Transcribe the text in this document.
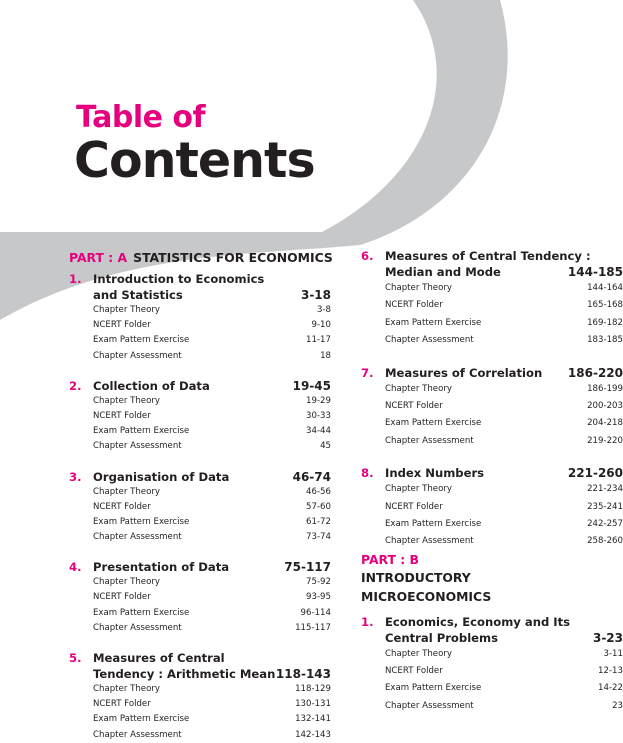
Table of
Contents
PART : A STATISTICS FOR ECONOMICS
1. Introduction to Economics
and Statistics	3-18
Chapter Theory	3-8
NCERT Folder	9-10
Exam Pattern Exercise	11-17
Chapter Assessment	18
2. Collection of Data	19-45
Chapter Theory	19-29
NCERT Folder	30-33
Exam Pattern Exercise	34-44
Chapter Assessment	45
3. Organisation of Data	46-74
Chapter Theory	46-56
NCERT Folder	57-60
Exam Pattern Exercise	61-72
Chapter Assessment	73-74
4. Presentation of Data	75-117
Chapter Theory	75-92
NCERT Folder	93-95
Exam Pattern Exercise	96-114
Chapter Assessment	115-117
5. Measures of Central
Tendency : Arithmetic Mean 118-143
Chapter Theory	118-129
NCERT Folder	130-131
Exam Pattern Exercise	132-141
Chapter Assessment	142-143
6. Measures of Central Tendency :
Median and Mode	144-185
Chapter Theory	144-164
NCERT Folder	165-168
Exam Pattern Exercise	169-182
Chapter Assessment	183-185
7. Measures of Correlation	186-220
Chapter Theory	186-199
NCERT Folder	200-203
Exam Pattern Exercise	204-218
Chapter Assessment	219-220
8. Index Numbers	221-260
Chapter Theory	221-234
NCERT Folder	235-241
Exam Pattern Exercise	242-257
Chapter Assessment	258-260
PART : B
INTRODUCTORY
MICROECONOMICS
1. Economics, Economy and Its
Central Problems	3-23
Chapter Theory	3-11
NCERT Folder	12-13
Exam Pattern Exercise	14-22
Chapter Assessment	23
